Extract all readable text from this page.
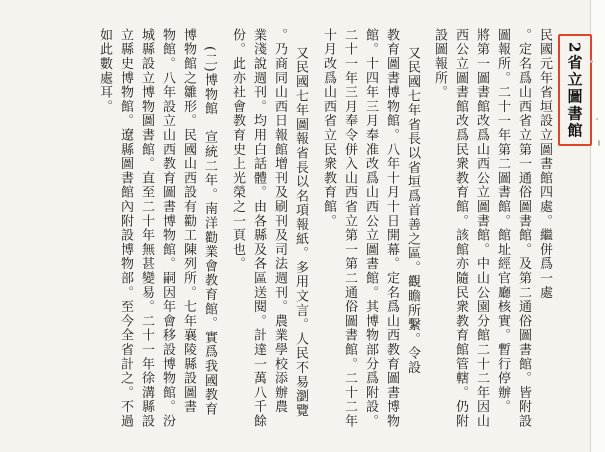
2省立圖書館
民國元年省垣設立圖書館四處。繼併爲一處
。定名爲山西省立第一通俗圖書館。及第二通俗圖書館。皆附設
圖報所。二十一年第二圖書館。館址經官廳核實。暫行停辦。
將第一圖書館改爲山西公立圖書館。中山公園分館二十二年因山
西公立圖書館改爲民衆教育館。該館亦隨民衆教育館管轄。仍附
設圖報所。
又民國七年省長以省垣爲首善之區。觀瞻所繫。令設
教育圖書博物館。八年十月十日開幕。定名爲山西教育圖書博物
館。十四年三月奉准改爲山西公立圖書館。其博物部分爲附設。
二十一年三月奉令併入山西省立第一第二通俗圖書館。二十二年
十月改爲山西省立民衆教育館。
又民國七年圖報省長以名項報紙。多用文言。人民不易瀏覽
。乃商同山西日報館增刊及刷刊及司法週刊。農業學校添辦農
業淺說週刊。均用白話體。由各縣及各區送閱。計達一萬八千餘
份。此亦社會教育史上光榮之一頁也。
(二)博物館　宣統二年。南洋勸業會教育館。實爲我國教育
博物館之雛形。民國山西設有勸工陳列所。七年襄陵縣設圖書
物館。八年設立山西教育圖書博物館。嗣因年會移設博物館。汾
城縣設立博物圖書館。直至二十年無甚變易。二十一年徐溝縣設
立縣史博物館。遼縣圖書館內附設博物部。至今全省計之。不過
如此數處耳。
